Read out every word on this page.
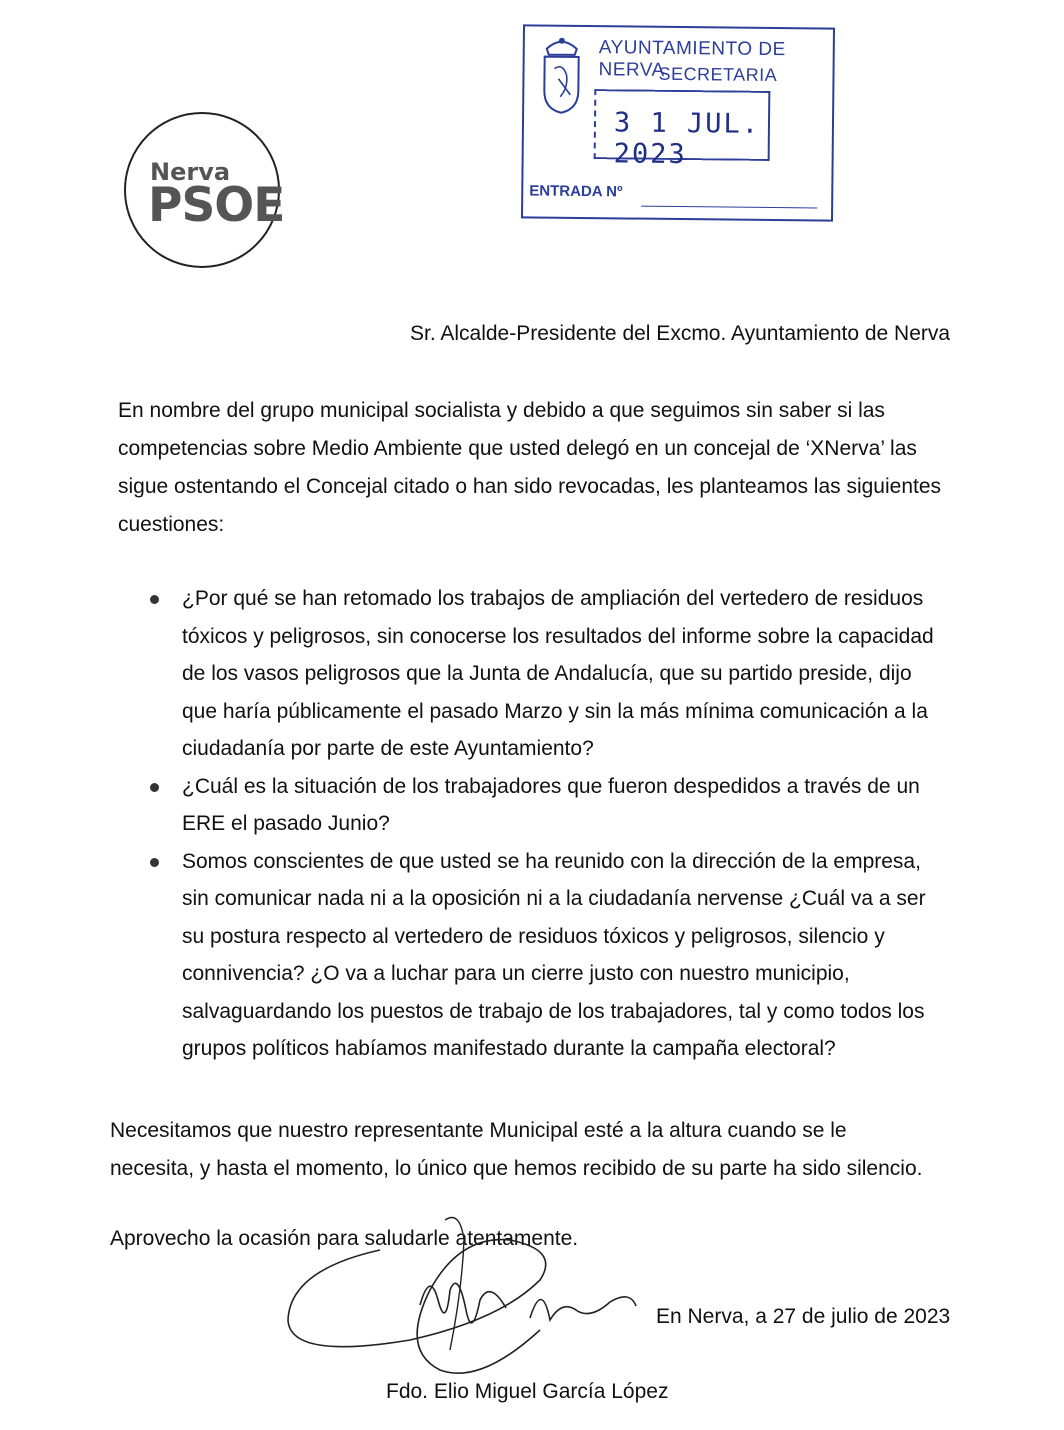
Nerva
PSOE
AYUNTAMIENTO DE NERVA
SECRETARIA
3 1 JUL. 2023
ENTRADA Nº
Sr. Alcalde-Presidente del Excmo. Ayuntamiento de Nerva
En nombre del grupo municipal socialista y debido a que seguimos sin saber si las
competencias sobre Medio Ambiente que usted delegó en un concejal de ‘XNerva’ las
sigue ostentando el Concejal citado o han sido revocadas, les planteamos las siguientes
cuestiones:
¿Por qué se han retomado los trabajos de ampliación del vertedero de residuos
tóxicos y peligrosos, sin conocerse los resultados del informe sobre la capacidad
de los vasos peligrosos que la Junta de Andalucía, que su partido preside, dijo
que haría públicamente el pasado Marzo y sin la más mínima comunicación a la
ciudadanía por parte de este Ayuntamiento?
¿Cuál es la situación de los trabajadores que fueron despedidos a través de un
ERE el pasado Junio?
Somos conscientes de que usted se ha reunido con la dirección de la empresa,
sin comunicar nada ni a la oposición ni a la ciudadanía nervense ¿Cuál va a ser
su postura respecto al vertedero de residuos tóxicos y peligrosos, silencio y
connivencia? ¿O va a luchar para un cierre justo con nuestro municipio,
salvaguardando los puestos de trabajo de los trabajadores, tal y como todos los
grupos políticos habíamos manifestado durante la campaña electoral?
Necesitamos que nuestro representante Municipal esté a la altura cuando se le
necesita, y hasta el momento, lo único que hemos recibido de su parte ha sido silencio.
Aprovecho la ocasión para saludarle atentamente.
En Nerva, a 27 de julio de 2023
Fdo. Elio Miguel García López
